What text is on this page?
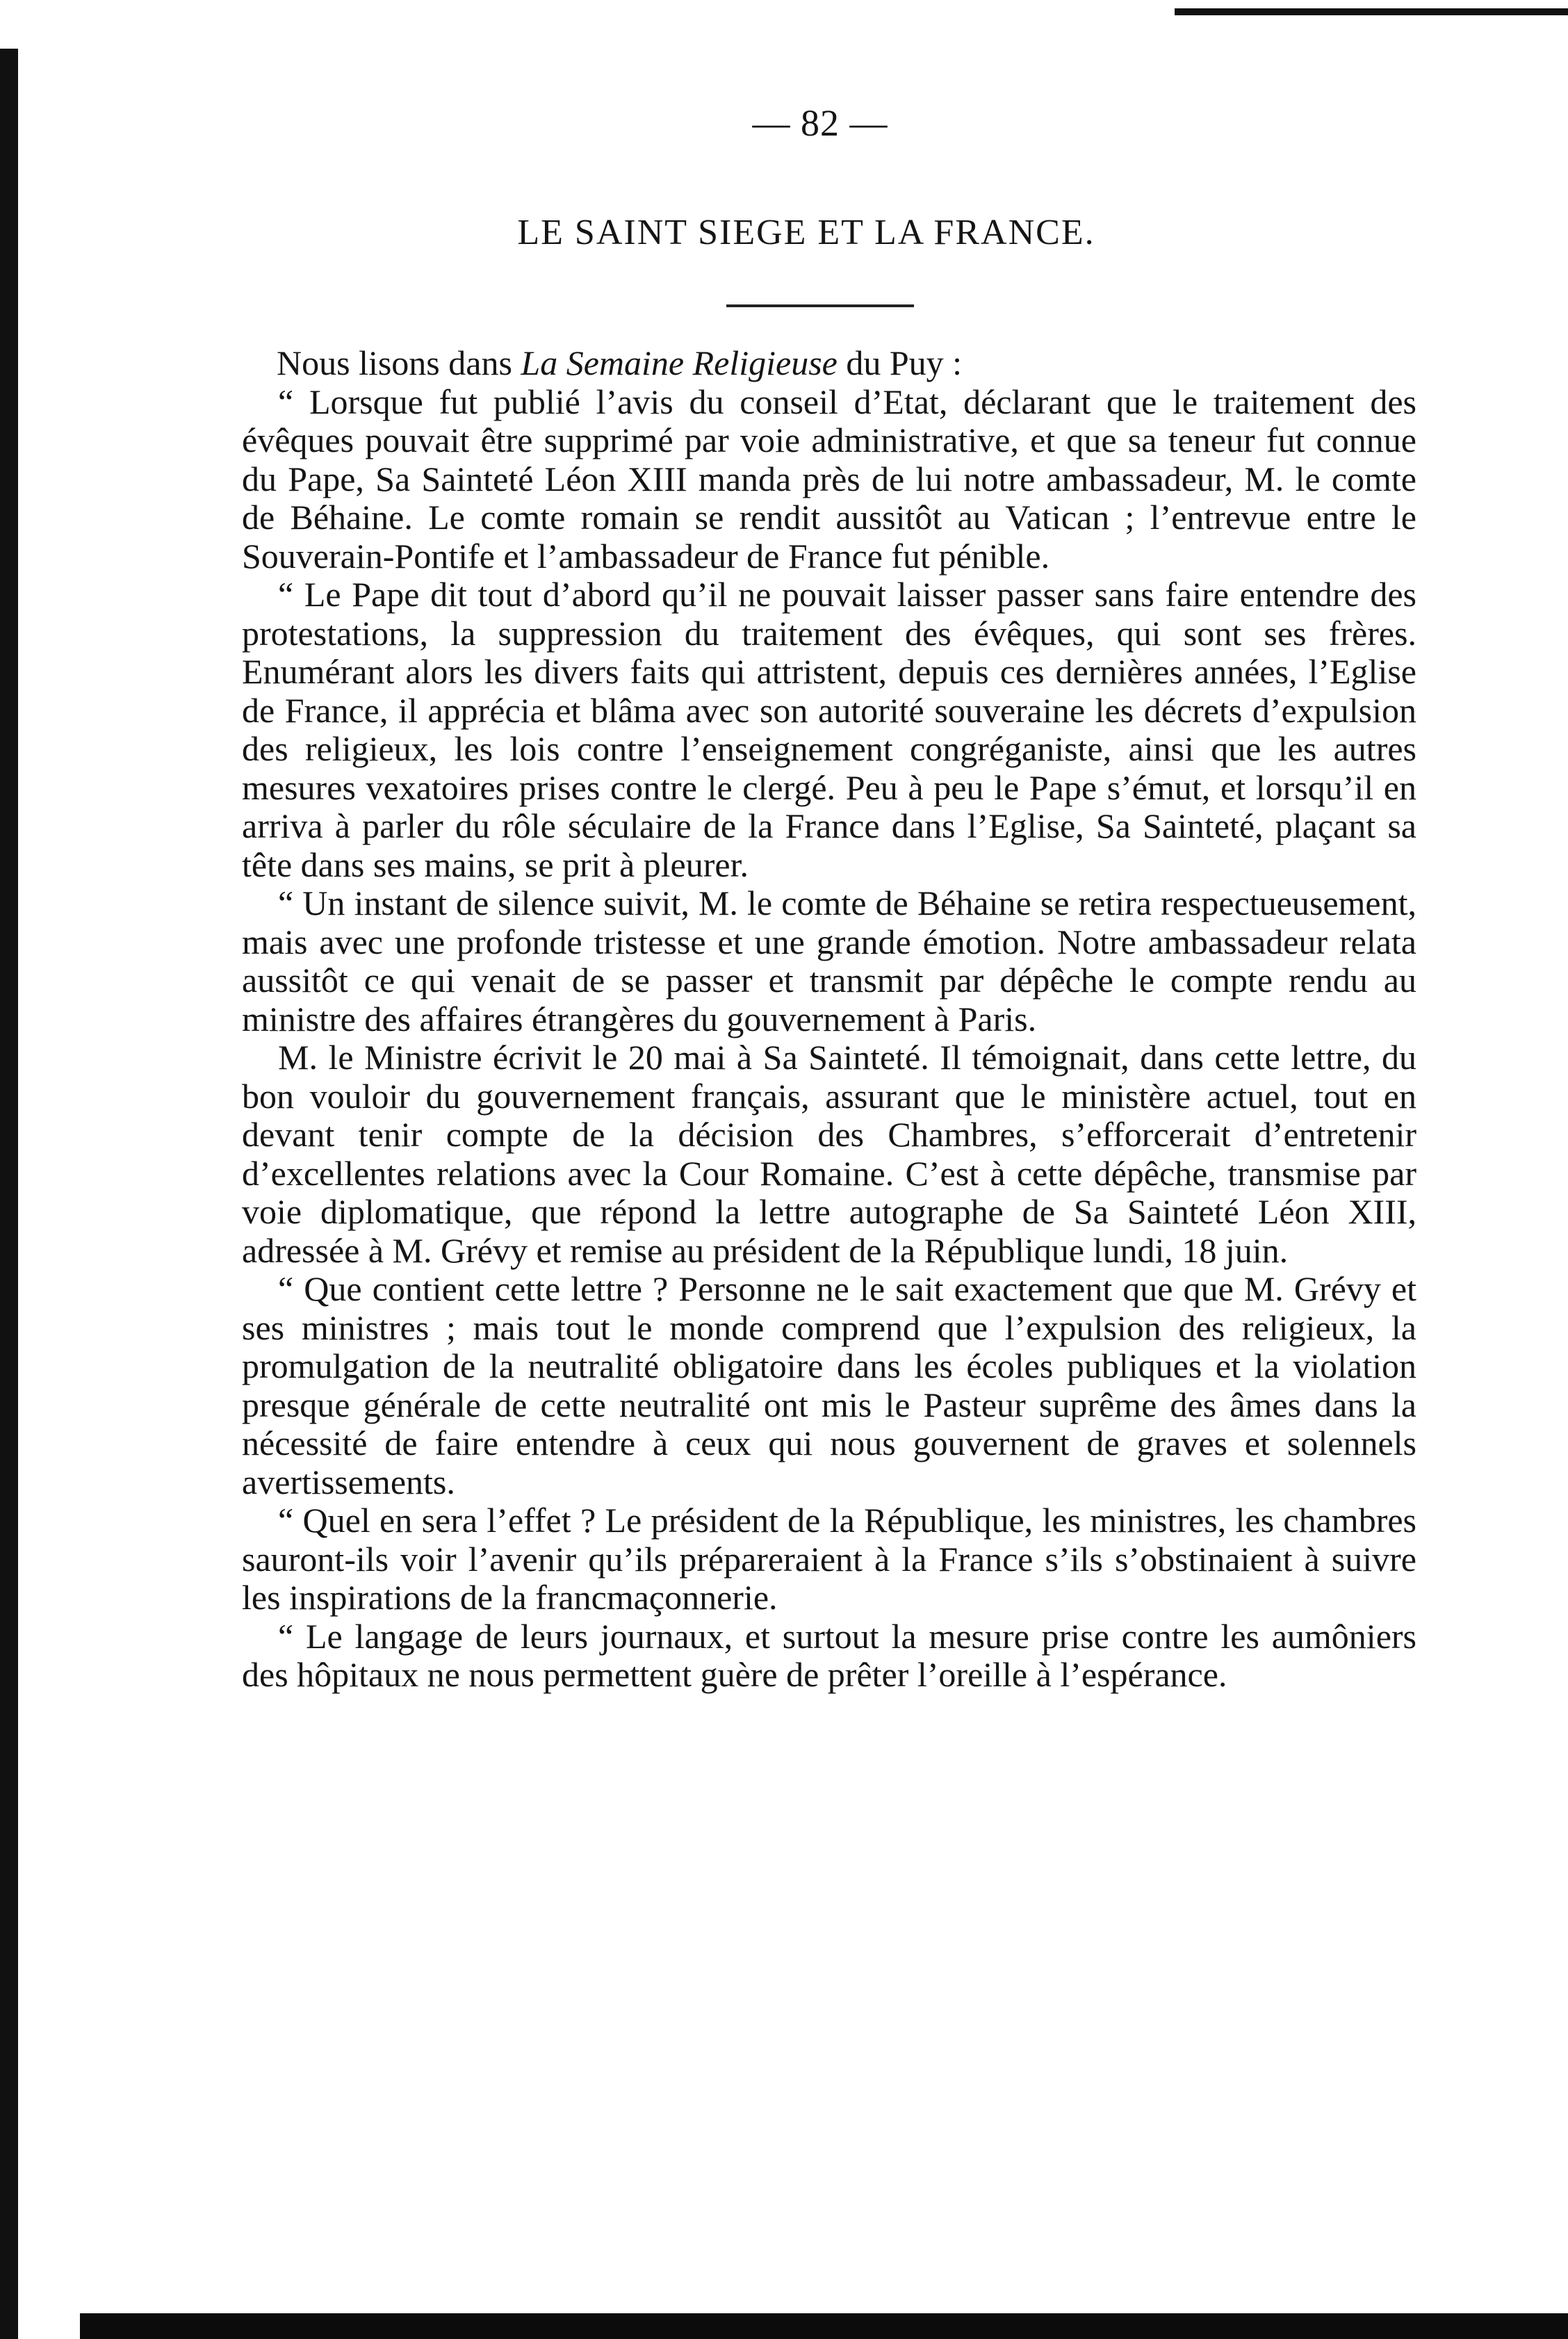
— 82 —
LE SAINT SIEGE ET LA FRANCE.

Nous lisons dans La Semaine Religieuse du Puy :

“ Lorsque fut publié l’avis du conseil d’Etat, déclarant que le traitement des évêques pouvait être supprimé par voie administrative, et que sa teneur fut connue du Pape, Sa Sainteté Léon XIII manda près de lui notre ambassadeur, M. le comte de Béhaine. Le comte romain se rendit aussitôt au Vatican ; l’entrevue entre le Souverain-Pontife et l’ambassadeur de France fut pénible.

“ Le Pape dit tout d’abord qu’il ne pouvait laisser passer sans faire entendre des protestations, la suppression du traitement des évêques, qui sont ses frères. Enumérant alors les divers faits qui attristent, depuis ces dernières années, l’Eglise de France, il apprécia et blâma avec son autorité souveraine les décrets d’expulsion des religieux, les lois contre l’enseignement congréganiste, ainsi que les autres mesures vexatoires prises contre le clergé. Peu à peu le Pape s’émut, et lorsqu’il en arriva à parler du rôle séculaire de la France dans l’Eglise, Sa Sainteté, plaçant sa tête dans ses mains, se prit à pleurer.

“ Un instant de silence suivit, M. le comte de Béhaine se retira respectueusement, mais avec une profonde tristesse et une grande émotion. Notre ambassadeur relata aussitôt ce qui venait de se passer et transmit par dépêche le compte rendu au ministre des affaires étrangères du gouvernement à Paris.

M. le Ministre écrivit le 20 mai à Sa Sainteté. Il témoignait, dans cette lettre, du bon vouloir du gouvernement français, assurant que le ministère actuel, tout en devant tenir compte de la décision des Chambres, s’efforcerait d’entretenir d’excellentes relations avec la Cour Romaine. C’est à cette dépêche, transmise par voie diplomatique, que répond la lettre autographe de Sa Sainteté Léon XIII, adressée à M. Grévy et remise au président de la République lundi, 18 juin.

“ Que contient cette lettre ? Personne ne le sait exactement que que M. Grévy et ses ministres ; mais tout le monde comprend que l’expulsion des religieux, la promulgation de la neutralité obligatoire dans les écoles publiques et la violation presque générale de cette neutralité ont mis le Pasteur suprême des âmes dans la nécessité de faire entendre à ceux qui nous gouvernent de graves et solennels avertissements.

“ Quel en sera l’effet ? Le président de la République, les ministres, les chambres sauront-ils voir l’avenir qu’ils prépareraient à la France s’ils s’obstinaient à suivre les inspirations de la francmaçonnerie.

“ Le langage de leurs journaux, et surtout la mesure prise contre les aumôniers des hôpitaux ne nous permettent guère de prêter l’oreille à l’espérance.
